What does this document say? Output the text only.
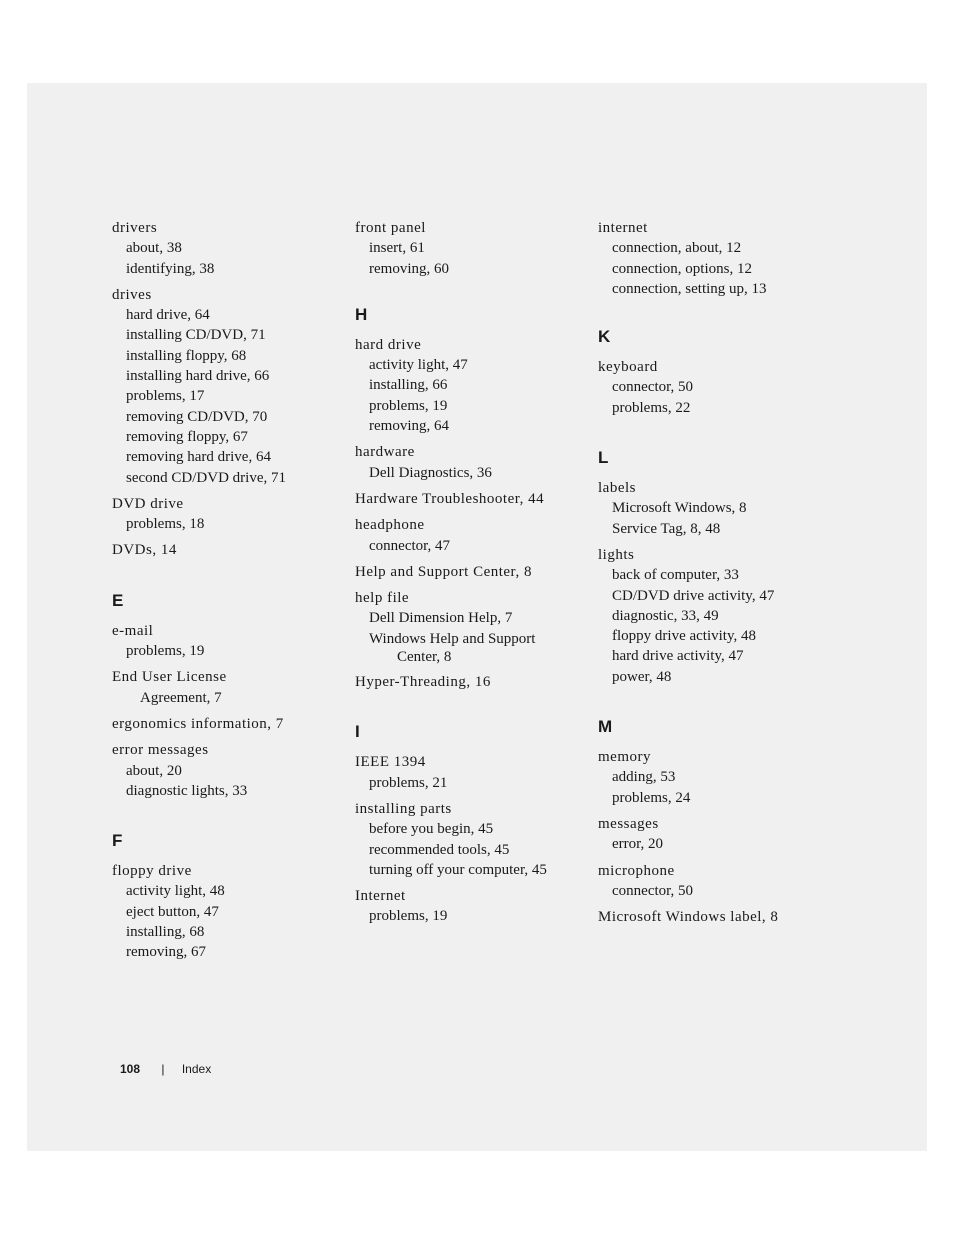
drivers
about, 38
identifying, 38
drives
hard drive, 64
installing CD/DVD, 71
installing floppy, 68
installing hard drive, 66
problems, 17
removing CD/DVD, 70
removing floppy, 67
removing hard drive, 64
second CD/DVD drive, 71
DVD drive
problems, 18
DVDs, 14
E
e-mail
problems, 19
End User License
Agreement, 7
ergonomics information, 7
error messages
about, 20
diagnostic lights, 33
F
floppy drive
activity light, 48
eject button, 47
installing, 68
removing, 67
front panel
insert, 61
removing, 60
H
hard drive
activity light, 47
installing, 66
problems, 19
removing, 64
hardware
Dell Diagnostics, 36
Hardware Troubleshooter, 44
headphone
connector, 47
Help and Support Center, 8
help file
Dell Dimension Help, 7
Windows Help and Support
Center, 8
Hyper-Threading, 16
I
IEEE 1394
problems, 21
installing parts
before you begin, 45
recommended tools, 45
turning off your computer, 45
Internet
problems, 19
internet
connection, about, 12
connection, options, 12
connection, setting up, 13
K
keyboard
connector, 50
problems, 22
L
labels
Microsoft Windows, 8
Service Tag, 8, 48
lights
back of computer, 33
CD/DVD drive activity, 47
diagnostic, 33, 49
floppy drive activity, 48
hard drive activity, 47
power, 48
M
memory
adding, 53
problems, 24
messages
error, 20
microphone
connector, 50
Microsoft Windows label, 8
108 | Index
